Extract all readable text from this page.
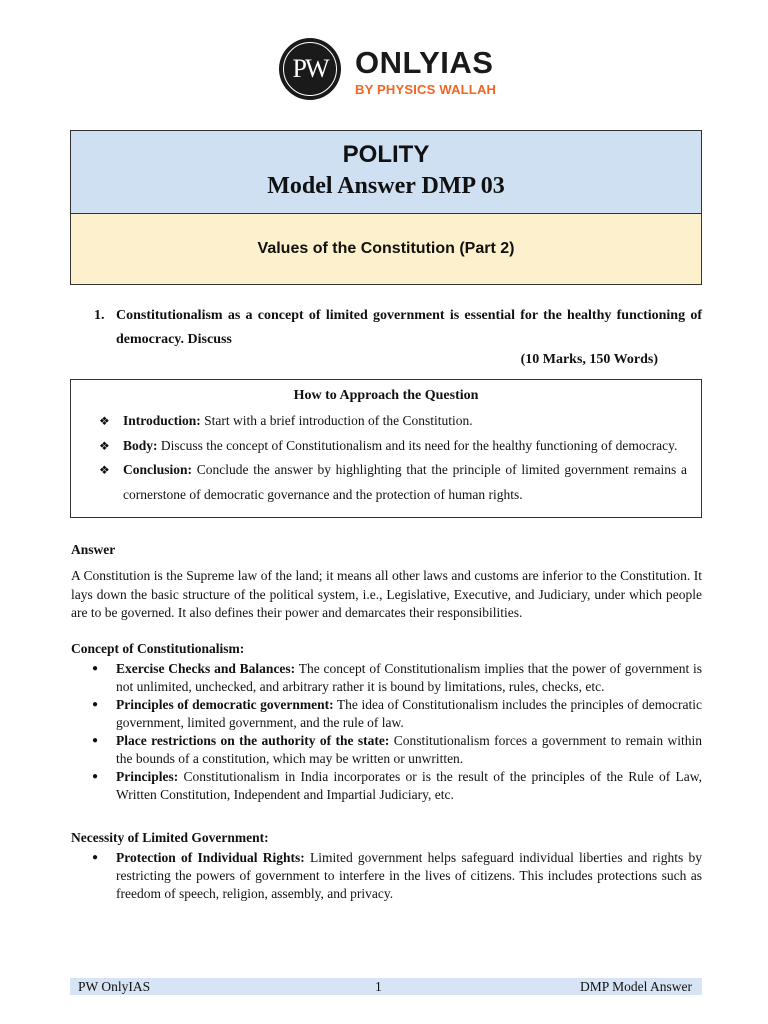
PW ONLYIAS
BY PHYSICS WALLAH
POLITY
Model Answer DMP 03
Values of the Constitution (Part 2)
1. Constitutionalism as a concept of limited government is essential for the healthy functioning of democracy. Discuss
(10 Marks, 150 Words)
How to Approach the Question
❖ Introduction: Start with a brief introduction of the Constitution.
❖ Body: Discuss the concept of Constitutionalism and its need for the healthy functioning of democracy.
❖ Conclusion: Conclude the answer by highlighting that the principle of limited government remains a cornerstone of democratic governance and the protection of human rights.
Answer
A Constitution is the Supreme law of the land; it means all other laws and customs are inferior to the Constitution. It lays down the basic structure of the political system, i.e., Legislative, Executive, and Judiciary, under which people are to be governed. It also defines their power and demarcates their responsibilities.
Concept of Constitutionalism:
● Exercise Checks and Balances: The concept of Constitutionalism implies that the power of government is not unlimited, unchecked, and arbitrary rather it is bound by limitations, rules, checks, etc.
● Principles of democratic government: The idea of Constitutionalism includes the principles of democratic government, limited government, and the rule of law.
● Place restrictions on the authority of the state: Constitutionalism forces a government to remain within the bounds of a constitution, which may be written or unwritten.
● Principles: Constitutionalism in India incorporates or is the result of the principles of the Rule of Law, Written Constitution, Independent and Impartial Judiciary, etc.
Necessity of Limited Government:
● Protection of Individual Rights: Limited government helps safeguard individual liberties and rights by restricting the powers of government to interfere in the lives of citizens. This includes protections such as freedom of speech, religion, assembly, and privacy.
PW OnlyIAS	1	DMP Model Answer
